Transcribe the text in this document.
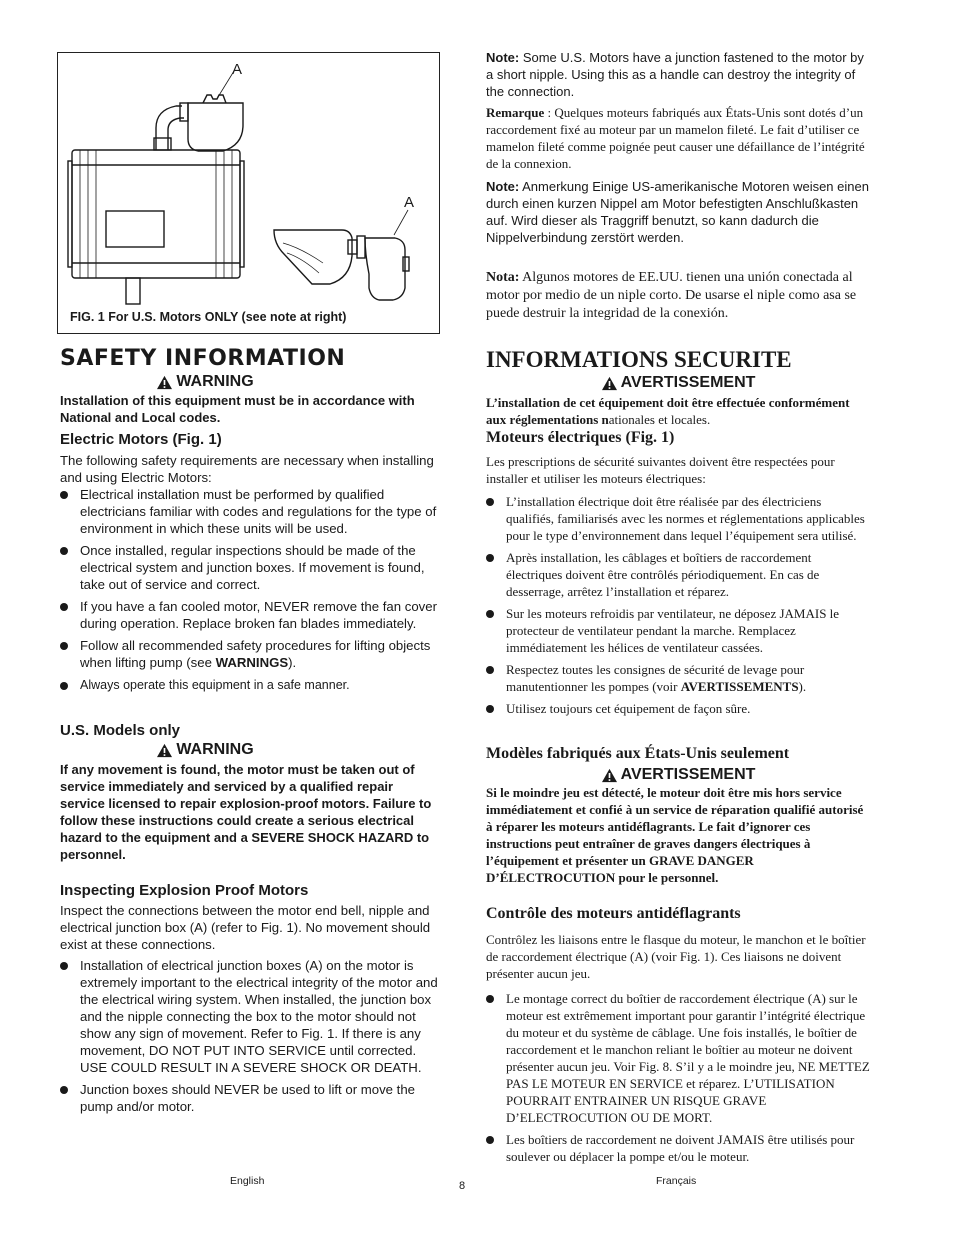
A
A
FIG. 1 For U.S. Motors ONLY (see note at right)
SAFETY INFORMATION
WARNING

Installation of this equipment must be in accordance with National and Local codes.

Electric Motors (Fig. 1)

The following safety requirements are necessary when installing and using Electric Motors:

Electrical installation must be performed by qualified electricians familiar with codes and regulations for the type of environment in which these units will be used.
Once installed, regular inspections should be made of the electrical system and junction boxes. If movement is found, take out of service and correct.
If you have a fan cooled motor, NEVER remove the fan cover during operation. Replace broken fan blades immediately.
Follow all recommended safety procedures for lifting objects when lifting pump (see WARNINGS).
Always operate this equipment in a safe manner.
U.S. Models only
WARNING

If any movement is found, the motor must be taken out of service immediately and serviced by a qualified repair service licensed to repair explosion-proof motors. Failure to follow these instructions could create a serious electrical hazard to the equipment and a SEVERE SHOCK HAZARD to personnel.

Inspecting Explosion Proof Motors

Inspect the connections between the motor end bell, nipple and electrical junction box (A) (refer to Fig. 1). No movement should exist at these connections.

Installation of electrical junction boxes (A) on the motor is extremely important to the electrical integrity of the motor and the electrical wiring system. When installed, the junction box and the nipple connecting the box to the motor should not show any sign of movement. Refer to Fig. 1. If there is any movement, DO NOT PUT INTO SERVICE until corrected. USE COULD RESULT IN A SEVERE SHOCK OR DEATH.
Junction boxes should NEVER be used to lift or move the pump and/or motor.

Note: Some U.S. Motors have a junction fastened to the motor by a short nipple. Using this as a handle can destroy the integrity of the connection.

Remarque : Quelques moteurs fabriqués aux États-Unis sont dotés d’un raccordement fixé au moteur par un mamelon fileté. Le fait d’utiliser ce mamelon fileté comme poignée peut causer une défaillance de l’intégrité de la connexion.

Note: Anmerkung Einige US-amerikanische Motoren weisen einen durch einen kurzen Nippel am Motor befestigten Anschlußkasten auf. Wird dieser als Traggriff benutzt, so kann dadurch die Nippelverbindung zerstört werden.

Nota: Algunos motores de EE.UU. tienen una unión conectada al motor por medio de un niple corto. De usarse el niple como asa se puede destruir la integridad de la conexión.

INFORMATIONS SECURITE
AVERTISSEMENT

L’installation de cet équipement doit être effectuée conformément aux réglementations nationales et locales.

Moteurs électriques (Fig. 1)

Les prescriptions de sécurité suivantes doivent être respectées pour installer et utiliser les moteurs électriques:

L’installation électrique doit être réalisée par des électriciens qualifiés, familiarisés avec les normes et réglementations applicables pour le type d’environnement dans lequel l’équipement sera utilisé.
Après installation, les câblages et boîtiers de raccordement électriques doivent être contrôlés périodiquement. En cas de desserrage, arrêtez l’installation et réparez.
Sur les moteurs refroidis par ventilateur, ne déposez JAMAIS le protecteur de ventilateur pendant la marche. Remplacez immédiatement les hélices de ventilateur cassées.
Respectez toutes les consignes de sécurité de levage pour manutentionner les pompes (voir AVERTISSEMENTS).
Utilisez toujours cet équipement de façon sûre.
Modèles fabriqués aux États-Unis seulement
AVERTISSEMENT

Si le moindre jeu est détecté, le moteur doit être mis hors service immédiatement et confié à un service de réparation qualifié autorisé à réparer les moteurs antidéflagrants. Le fait d’ignorer ces instructions peut entraîner de graves dangers électriques à l’équipement et présenter un GRAVE DANGER D’ÉLECTROCUTION pour le personnel.

Contrôle des moteurs antidéflagrants

Contrôlez les liaisons entre le flasque du moteur, le manchon et le boîtier de raccordement électrique (A) (voir Fig. 1). Ces liaisons ne doivent présenter aucun jeu.

Le montage correct du boîtier de raccordement électrique (A) sur le moteur est extrêmement important pour garantir l’intégrité électrique du moteur et du système de câblage. Une fois installés, le boîtier de raccordement et le manchon reliant le boîtier au moteur ne doivent présenter aucun jeu. Voir Fig. 8. S’il y a le moindre jeu, NE METTEZ PAS LE MOTEUR EN SERVICE et réparez. L’UTILISATION POURRAIT ENTRAINER UN RISQUE GRAVE D’ELECTROCUTION OU DE MORT.
Les boîtiers de raccordement ne doivent JAMAIS être utilisés pour soulever ou déplacer la pompe et/ou le moteur.
English	8	Français
